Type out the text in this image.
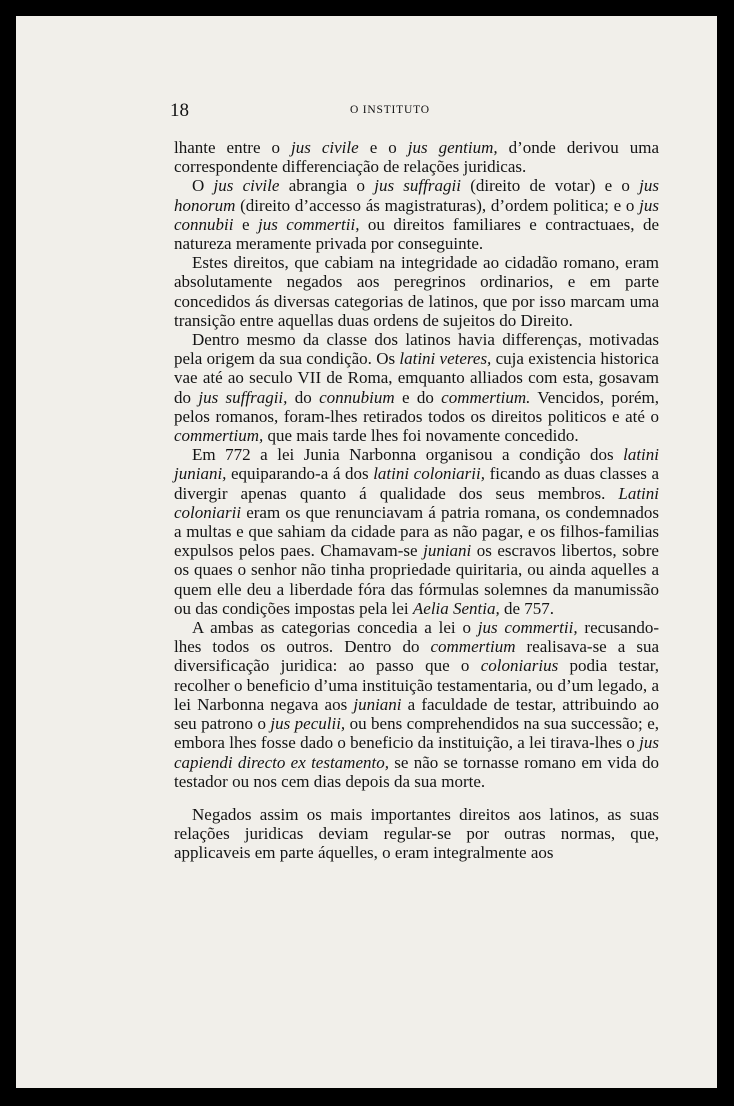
18	O INSTITUTO

lhante entre o jus civile e o jus gentium, d’onde derivou uma correspondente differenciação de relações juridicas.

O jus civile abrangia o jus suffragii (direito de votar) e o jus honorum (direito d’accesso ás magistraturas), d’ordem politica; e o jus connubii e jus commertii, ou direitos familiares e contractuaes, de natureza meramente privada por conseguinte.

Estes direitos, que cabiam na integridade ao cidadão romano, eram absolutamente negados aos peregrinos ordinarios, e em parte concedidos ás diversas categorias de latinos, que por isso marcam uma transição entre aquellas duas ordens de sujeitos do Direito.

Dentro mesmo da classe dos latinos havia differenças, motivadas pela origem da sua condição. Os latini veteres, cuja existencia historica vae até ao seculo VII de Roma, emquanto alliados com esta, gosavam do jus suffragii, do connubium e do commertium. Vencidos, porém, pelos romanos, foram-lhes retirados todos os direitos politicos e até o commertium, que mais tarde lhes foi novamente concedido.

Em 772 a lei Junia Narbonna organisou a condição dos latini juniani, equiparando-a á dos latini coloniarii, ficando as duas classes a divergir apenas quanto á qualidade dos seus membros. Latini coloniarii eram os que renunciavam á patria romana, os condemnados a multas e que sahiam da cidade para as não pagar, e os filhos-familias expulsos pelos paes. Chamavam-se juniani os escravos libertos, sobre os quaes o senhor não tinha propriedade quiritaria, ou ainda aquelles a quem elle deu a liberdade fóra das fórmulas solemnes da manumissão ou das condições impostas pela lei Aelia Sentia, de 757.

A ambas as categorias concedia a lei o jus commertii, recusando-lhes todos os outros. Dentro do commertium realisava-se a sua diversificação juridica: ao passo que o coloniarius podia testar, recolher o beneficio d’uma instituição testamentaria, ou d’um legado, a lei Narbonna negava aos juniani a faculdade de testar, attribuindo ao seu patrono o jus peculii, ou bens comprehendidos na sua successão; e, embora lhes fosse dado o beneficio da instituição, a lei tirava-lhes o jus capiendi directo ex testamento, se não se tornasse romano em vida do testador ou nos cem dias depois da sua morte.

Negados assim os mais importantes direitos aos latinos, as suas relações juridicas deviam regular-se por outras normas, que, applicaveis em parte áquelles, o eram integralmente aos
